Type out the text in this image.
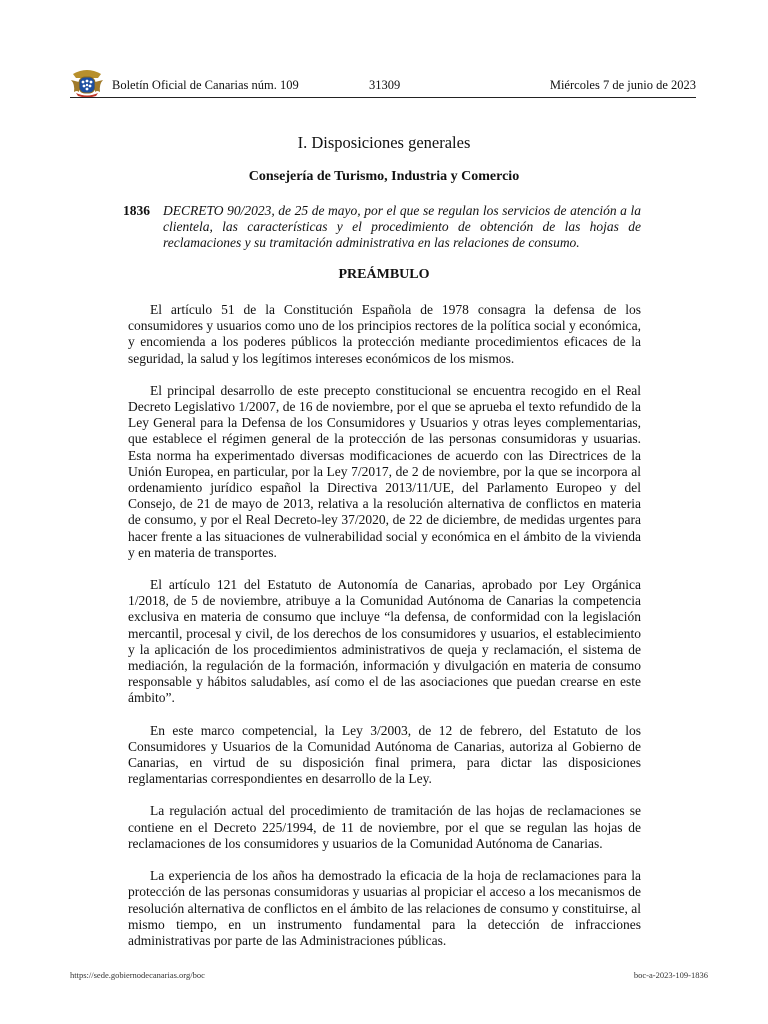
Boletín Oficial de Canarias núm. 109	31309	Miércoles 7 de junio de 2023
I. Disposiciones generales
Consejería de Turismo, Industria y Comercio
1836 DECRETO 90/2023, de 25 de mayo, por el que se regulan los servicios de atención a la clientela, las características y el procedimiento de obtención de las hojas de reclamaciones y su tramitación administrativa en las relaciones de consumo.
PREÁMBULO

El artículo 51 de la Constitución Española de 1978 consagra la defensa de los consumidores y usuarios como uno de los principios rectores de la política social y económica, y encomienda a los poderes públicos la protección mediante procedimientos eficaces de la seguridad, la salud y los legítimos intereses económicos de los mismos.

El principal desarrollo de este precepto constitucional se encuentra recogido en el Real Decreto Legislativo 1/2007, de 16 de noviembre, por el que se aprueba el texto refundido de la Ley General para la Defensa de los Consumidores y Usuarios y otras leyes complementarias, que establece el régimen general de la protección de las personas consumidoras y usuarias. Esta norma ha experimentado diversas modificaciones de acuerdo con las Directrices de la Unión Europea, en particular, por la Ley 7/2017, de 2 de noviembre, por la que se incorpora al ordenamiento jurídico español la Directiva 2013/11/UE, del Parlamento Europeo y del Consejo, de 21 de mayo de 2013, relativa a la resolución alternativa de conflictos en materia de consumo, y por el Real Decreto-ley 37/2020, de 22 de diciembre, de medidas urgentes para hacer frente a las situaciones de vulnerabilidad social y económica en el ámbito de la vivienda y en materia de transportes.

El artículo 121 del Estatuto de Autonomía de Canarias, aprobado por Ley Orgánica 1/2018, de 5 de noviembre, atribuye a la Comunidad Autónoma de Canarias la competencia exclusiva en materia de consumo que incluye “la defensa, de conformidad con la legislación mercantil, procesal y civil, de los derechos de los consumidores y usuarios, el establecimiento y la aplicación de los procedimientos administrativos de queja y reclamación, el sistema de mediación, la regulación de la formación, información y divulgación en materia de consumo responsable y hábitos saludables, así como el de las asociaciones que puedan crearse en este ámbito”.

En este marco competencial, la Ley 3/2003, de 12 de febrero, del Estatuto de los Consumidores y Usuarios de la Comunidad Autónoma de Canarias, autoriza al Gobierno de Canarias, en virtud de su disposición final primera, para dictar las disposiciones reglamentarias correspondientes en desarrollo de la Ley.

La regulación actual del procedimiento de tramitación de las hojas de reclamaciones se contiene en el Decreto 225/1994, de 11 de noviembre, por el que se regulan las hojas de reclamaciones de los consumidores y usuarios de la Comunidad Autónoma de Canarias.

La experiencia de los años ha demostrado la eficacia de la hoja de reclamaciones para la protección de las personas consumidoras y usuarias al propiciar el acceso a los mecanismos de resolución alternativa de conflictos en el ámbito de las relaciones de consumo y constituirse, al mismo tiempo, en un instrumento fundamental para la detección de infracciones administrativas por parte de las Administraciones públicas.

https://sede.gobiernodecanarias.org/boc	boc-a-2023-109-1836
